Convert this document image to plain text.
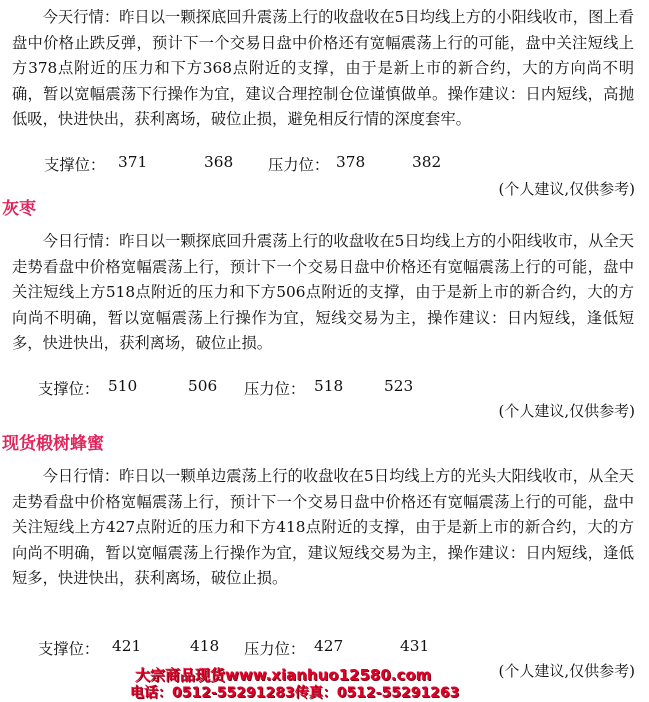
今天行情：昨日以一颗探底回升震荡上行的收盘收在5日均线上方的小阳线收市，图上看盘中价格止跌反弹，预计下一个交易日盘中价格还有宽幅震荡上行的可能，盘中关注短线上方378点附近的压力和下方368点附近的支撑，由于是新上市的新合约，大的方向尚不明确，暂以宽幅震荡下行操作为宜，建议合理控制仓位谨慎做单。操作建议：日内短线，高抛低吸，快进快出，获利离场，破位止损，避免相反行情的深度套牢。

支撑位： 371	368 压力位： 378	382
(个人建议,仅供参考)
灰枣

今日行情：昨日以一颗探底回升震荡上行的收盘收在5日均线上方的小阳线收市，从全天走势看盘中价格宽幅震荡上行，预计下一个交易日盘中价格还有宽幅震荡上行的可能，盘中关注短线上方518点附近的压力和下方506点附近的支撑，由于是新上市的新合约，大的方向尚不明确，暂以宽幅震荡上行操作为宜，短线交易为主，操作建议：日内短线，逢低短多，快进快出，获利离场，破位止损。

支撑位： 510	506 压力位： 518	523
(个人建议,仅供参考)
现货椴树蜂蜜

今日行情：昨日以一颗单边震荡上行的收盘收在5日均线上方的光头大阳线收市，从全天走势看盘中价格宽幅震荡上行，预计下一个交易日盘中价格还有宽幅震荡上行的可能，盘中关注短线上方427点附近的压力和下方418点附近的支撑，由于是新上市的新合约，大的方向尚不明确，暂以宽幅震荡上行操作为宜，建议短线交易为主，操作建议：日内短线，逢低短多，快进快出，获利离场，破位止损。

支撑位： 421	418 压力位： 427	431
(个人建议,仅供参考)
大宗商品现货www.xianhuo12580.com
电话：0512-55291283传真：0512-55291263
